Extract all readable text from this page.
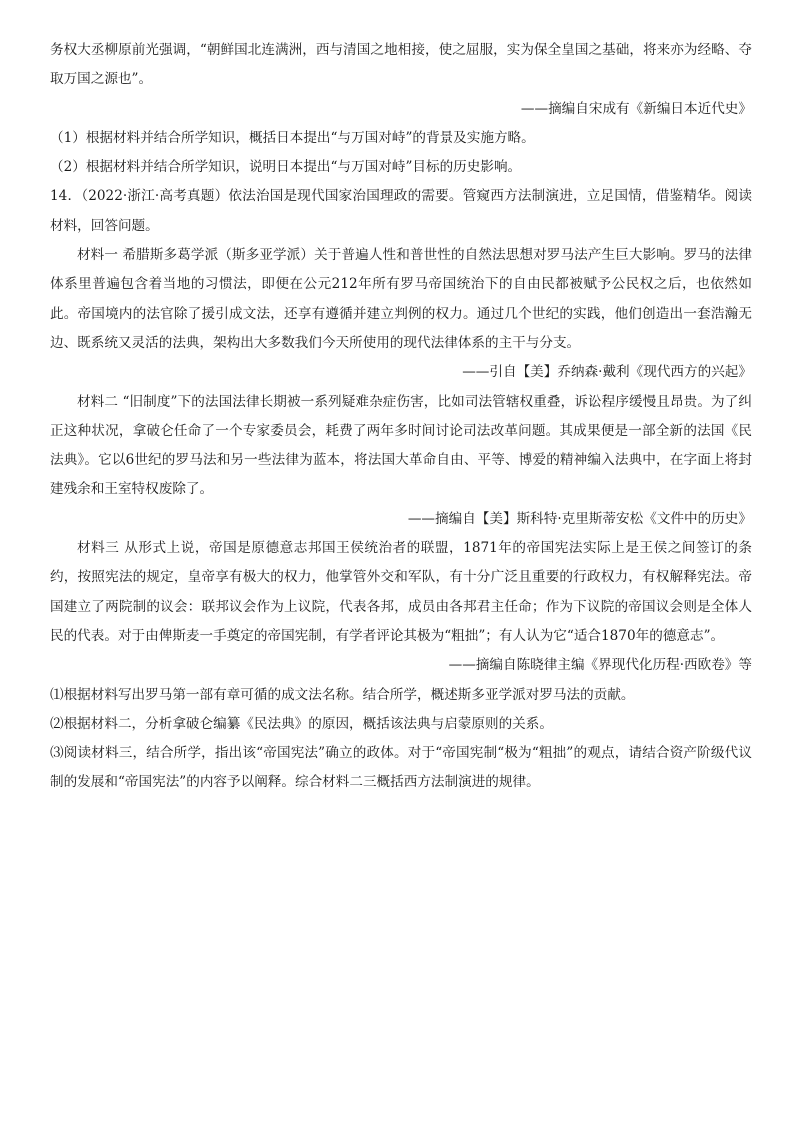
务权大丞柳原前光强调，“朝鲜国北连满洲，西与清国之地相接，使之屈服，实为保全皇国之基础，将来亦为经略、夺取万国之源也”。

——摘编自宋成有《新编日本近代史》

（1）根据材料并结合所学知识，概括日本提出“与万国对峙”的背景及实施方略。

（2）根据材料并结合所学知识，说明日本提出“与万国对峙”目标的历史影响。

14．（2022·浙江·高考真题）依法治国是现代国家治国理政的需要。管窥西方法制演进，立足国情，借鉴精华。阅读材料，回答问题。

材料一 希腊斯多葛学派（斯多亚学派）关于普遍人性和普世性的自然法思想对罗马法产生巨大影响。罗马的法律体系里普遍包含着当地的习惯法，即便在公元212年所有罗马帝国统治下的自由民都被赋予公民权之后，也依然如此。帝国境内的法官除了援引成文法，还享有遵循并建立判例的权力。通过几个世纪的实践，他们创造出一套浩瀚无边、既系统又灵活的法典，架构出大多数我们今天所使用的现代法律体系的主干与分支。

——引自【美】乔纳森·戴利《现代西方的兴起》

材料二 “旧制度”下的法国法律长期被一系列疑难杂症伤害，比如司法管辖权重叠，诉讼程序缓慢且昂贵。为了纠正这种状况，拿破仑任命了一个专家委员会，耗费了两年多时间讨论司法改革问题。其成果便是一部全新的法国《民法典》。它以6世纪的罗马法和另一些法律为蓝本，将法国大革命自由、平等、博爱的精神编入法典中，在字面上将封建残余和王室特权废除了。

——摘编自【美】斯科特·克里斯蒂安松《文件中的历史》

材料三 从形式上说，帝国是原德意志邦国王侯统治者的联盟，1871年的帝国宪法实际上是王侯之间签订的条约，按照宪法的规定，皇帝享有极大的权力，他掌管外交和军队，有十分广泛且重要的行政权力，有权解释宪法。帝国建立了两院制的议会：联邦议会作为上议院，代表各邦，成员由各邦君主任命；作为下议院的帝国议会则是全体人民的代表。对于由俾斯麦一手奠定的帝国宪制，有学者评论其极为“粗拙”；有人认为它“适合1870年的德意志”。

——摘编自陈晓律主编《界现代化历程·西欧卷》等

⑴根据材料写出罗马第一部有章可循的成文法名称。结合所学，概述斯多亚学派对罗马法的贡献。

⑵根据材料二，分析拿破仑编纂《民法典》的原因，概括该法典与启蒙原则的关系。

⑶阅读材料三，结合所学，指出该“帝国宪法”确立的政体。对于“帝国宪制“极为“粗拙”的观点，请结合资产阶级代议制的发展和“帝国宪法”的内容予以阐释。综合材料二三概括西方法制演进的规律。
